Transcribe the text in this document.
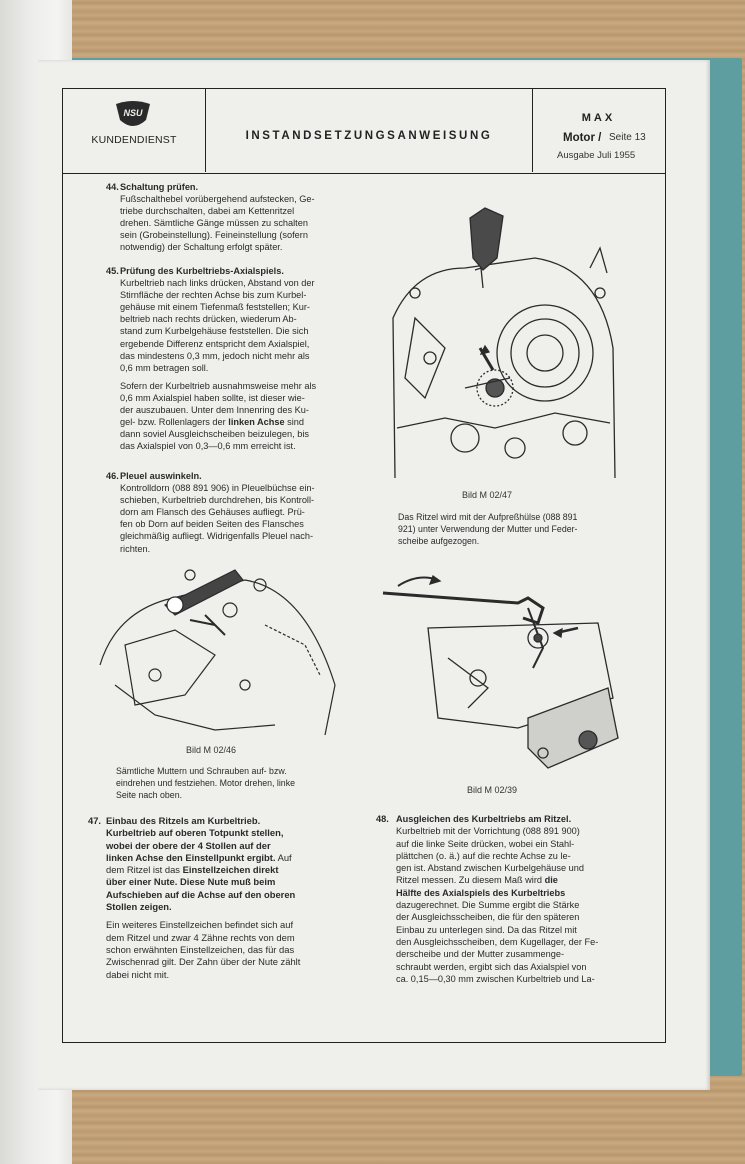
NSU
KUNDENDIENST	INSTANDSETZUNGSANWEISUNG
MAX
Motor / Seite 13
Ausgabe Juli 1955

44.Schaltung prüfen.

Fußschalthebel vorübergehend aufstecken, Ge-

triebe durchschalten, dabei am Kettenritzel

drehen. Sämtliche Gänge müssen zu schalten

sein (Grobeinstellung). Feineinstellung (sofern

notwendig) der Schaltung erfolgt später.

45.Prüfung des Kurbeltriebs-Axialspiels.

Kurbeltrieb nach links drücken, Abstand von der

Stirnfläche der rechten Achse bis zum Kurbel-

gehäuse mit einem Tiefenmaß feststellen; Kur-

beltrieb nach rechts drücken, wiederum Ab-

stand zum Kurbelgehäuse feststellen. Die sich

ergebende Differenz entspricht dem Axialspiel,

das mindestens 0,3 mm, jedoch nicht mehr als

0,6 mm betragen soll.

Sofern der Kurbeltrieb ausnahmsweise mehr als

0,6 mm Axialspiel haben sollte, ist dieser wie-

der auszubauen. Unter dem Innenring des Ku-

gel- bzw. Rollenlagers der linken Achse sind

dann soviel Ausgleichscheiben beizulegen, bis

das Axialspiel von 0,3—0,6 mm erreicht ist.

46.Pleuel auswinkeln.

Kontrolldorn (088 891 906) in Pleuelbüchse ein-

schieben, Kurbeltrieb durchdrehen, bis Kontroll-

dorn am Flansch des Gehäuses aufliegt. Prü-

fen ob Dorn auf beiden Seiten des Flansches

gleichmäßig aufliegt. Widrigenfalls Pleuel nach-

richten.

Bild M 02/47

Das Ritzel wird mit der Aufpreßhülse (088 891

921) unter Verwendung der Mutter und Feder-

scheibe aufgezogen.

Bild M 02/46

Sämtliche Muttern und Schrauben auf- bzw.

eindrehen und festziehen. Motor drehen, linke

Seite nach oben.	Bild M 02/39

47. Einbau des Ritzels am Kurbeltrieb.

Kurbeltrieb auf oberen Totpunkt stellen,

wobei der obere der 4 Stollen auf der

linken Achse den Einstellpunkt ergibt. Auf

dem Ritzel ist das Einstellzeichen direkt

über einer Nute. Diese Nute muß beim

Aufschieben auf die Achse auf den oberen

Stollen zeigen.

Ein weiteres Einstellzeichen befindet sich auf

dem Ritzel und zwar 4 Zähne rechts von dem

schon erwähnten Einstellzeichen, das für das

Zwischenrad gilt. Der Zahn über der Nute zählt

dabei nicht mit.

48. Ausgleichen des Kurbeltriebs am Ritzel.

Kurbeltrieb mit der Vorrichtung (088 891 900)

auf die linke Seite drücken, wobei ein Stahl-

plättchen (o. ä.) auf die rechte Achse zu le-

gen ist. Abstand zwischen Kurbelgehäuse und

Ritzel messen. Zu diesem Maß wird die

Hälfte des Axialspiels des Kurbeltriebs

dazugerechnet. Die Summe ergibt die Stärke

der Ausgleichsscheiben, die für den späteren

Einbau zu unterlegen sind. Da das Ritzel mit

den Ausgleichsscheiben, dem Kugellager, der Fe-

derscheibe und der Mutter zusammenge-

schraubt werden, ergibt sich das Axialspiel von

ca. 0,15—0,30 mm zwischen Kurbeltrieb und La-
